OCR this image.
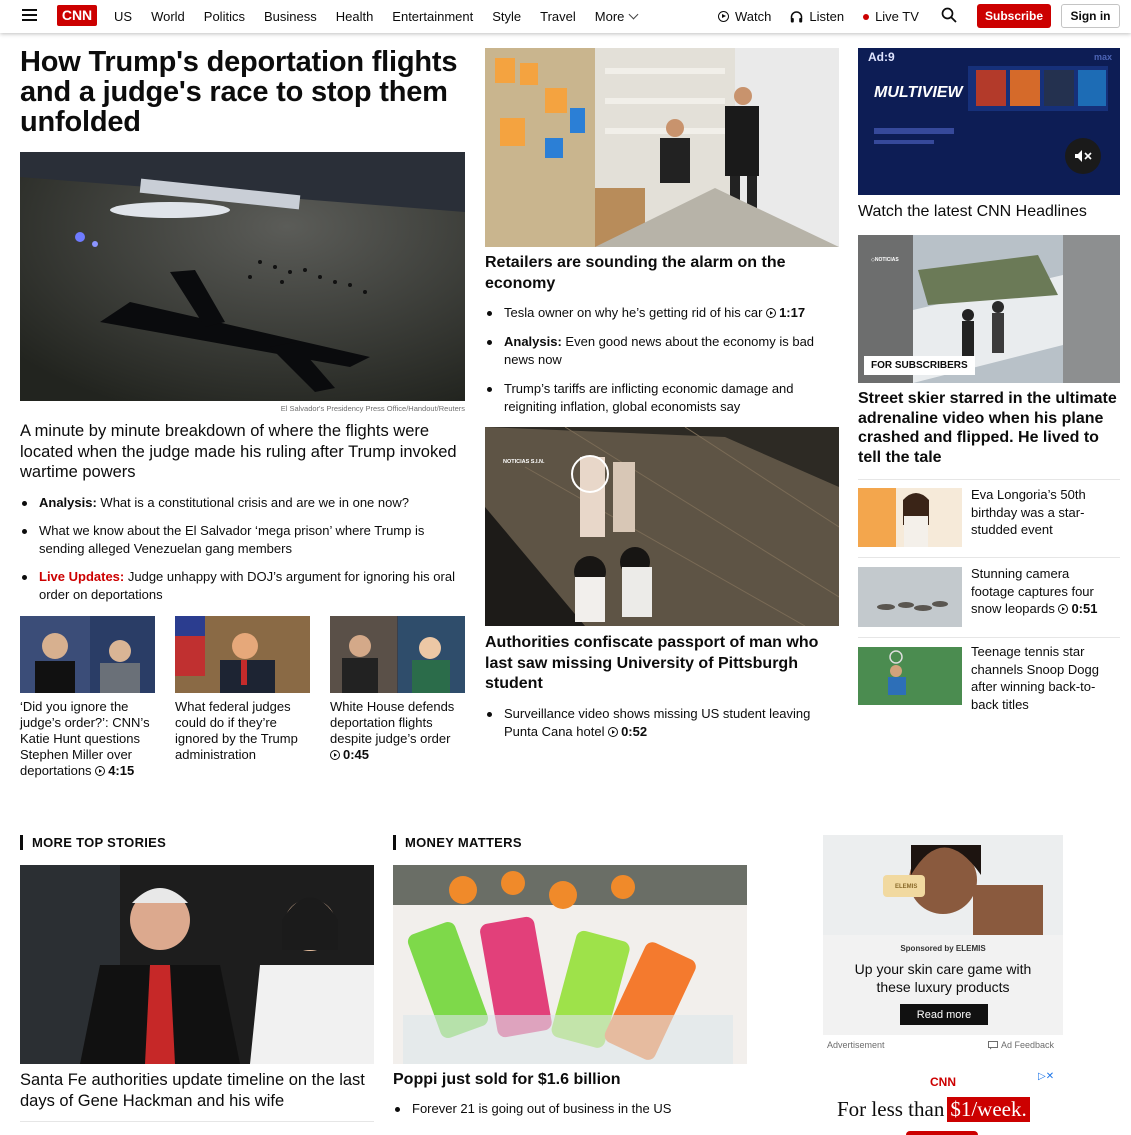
CNN	US World Politics Business Health Entertainment Style Travel More	Watch	Listen Live TV	Subscribe	Sign in
How Trump's deportation flights and a judge's race to stop them unfolded
El Salvador's Presidency Press Office/Handout/Reuters
A minute by minute breakdown of where the flights were located when the judge made his ruling after Trump invoked wartime powers
Analysis: What is a constitutional crisis and are we in one now?
What we know about the El Salvador ‘mega prison’ where Trump is sending alleged Venezuelan gang members
Live Updates: Judge unhappy with DOJ’s argument for ignoring his oral order on deportations
‘Did you ignore the judge’s order?’: CNN’s Katie Hunt questions Stephen Miller over deportations 4:15
What federal judges could do if they’re ignored by the Trump administration
White House defends deportation flights despite judge’s order
0:45
Retailers are sounding the alarm on the economy
Tesla owner on why he’s getting rid of his car 1:17
Analysis: Even good news about the economy is bad news now
Trump’s tariffs are inflicting economic damage and reigniting inflation, global economists say
NOTICIAS S.I.N.
Authorities confiscate passport of man who last saw missing University of Pittsburgh student
Surveillance video shows missing US student leaving Punta Cana hotel 0:52
Ad:9	max
MULTIVIEW
Watch the latest CNN Headlines
◇NOTICIAS
FOR SUBSCRIBERS
Street skier starred in the ultimate adrenaline video when his plane crashed and flipped. He lived to tell the tale
Eva Longoria’s 50th birthday was a star-studded event
Stunning camera footage captures four snow leopards 0:51
Teenage tennis star channels Snoop Dogg after winning back-to-back titles
MORE TOP STORIES
Santa Fe authorities update timeline on the last days of Gene Hackman and his wife
MONEY MATTERS
Poppi just sold for $1.6 billion
Forever 21 is going out of business in the US
ELEMIS
Sponsored by ELEMIS
Up your skin care game with these luxury products
Read more
Advertisement	Ad Feedback
CNN	▷✕
For less than $1/week.
